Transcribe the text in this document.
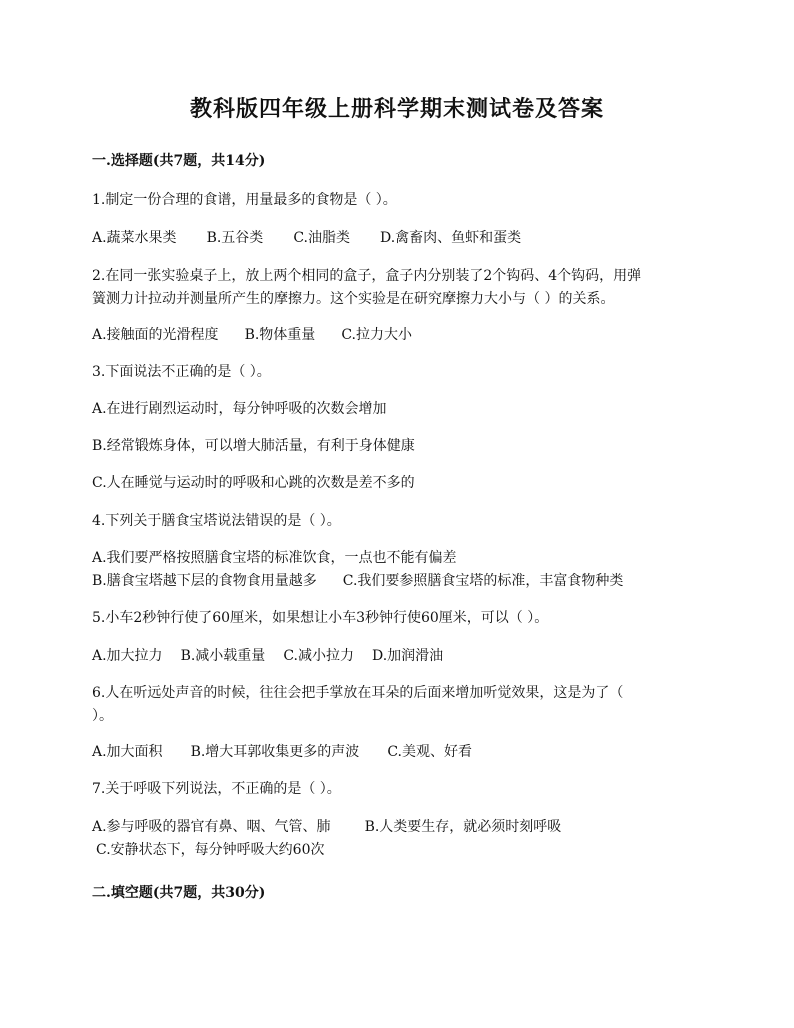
教科版四年级上册科学期末测试卷及答案
一.选择题(共7题，共14分)
1.制定一份合理的食谱，用量最多的食物是（ ）。
A.蔬菜水果类 B.五谷类 C.油脂类 D.禽畜肉、鱼虾和蛋类
2.在同一张实验桌子上，放上两个相同的盒子，盒子内分别装了2个钩码、4个钩码，用弹
簧测力计拉动并测量所产生的摩擦力。这个实验是在研究摩擦力大小与（ ）的关系。
A.接触面的光滑程度 B.物体重量 C.拉力大小
3.下面说法不正确的是（ ）。
A.在进行剧烈运动时，每分钟呼吸的次数会增加
B.经常锻炼身体，可以增大肺活量，有利于身体健康
C.人在睡觉与运动时的呼吸和心跳的次数是差不多的
4.下列关于膳食宝塔说法错误的是（ ）。
A.我们要严格按照膳食宝塔的标准饮食，一点也不能有偏差
B.膳食宝塔越下层的食物食用量越多 C.我们要参照膳食宝塔的标准，丰富食物种类
5.小车2秒钟行使了60厘米，如果想让小车3秒钟行使60厘米，可以（ ）。
A.加大拉力 B.减小载重量 C.减小拉力 D.加润滑油
6.人在听远处声音的时候，往往会把手掌放在耳朵的后面来增加听觉效果，这是为了（
）。
A.加大面积 B.增大耳郭收集更多的声波 C.美观、好看
7.关于呼吸下列说法，不正确的是（ ）。
A.参与呼吸的器官有鼻、咽、气管、肺 B.人类要生存，就必须时刻呼吸
C.安静状态下，每分钟呼吸大约60次
二.填空题(共7题，共30分)
